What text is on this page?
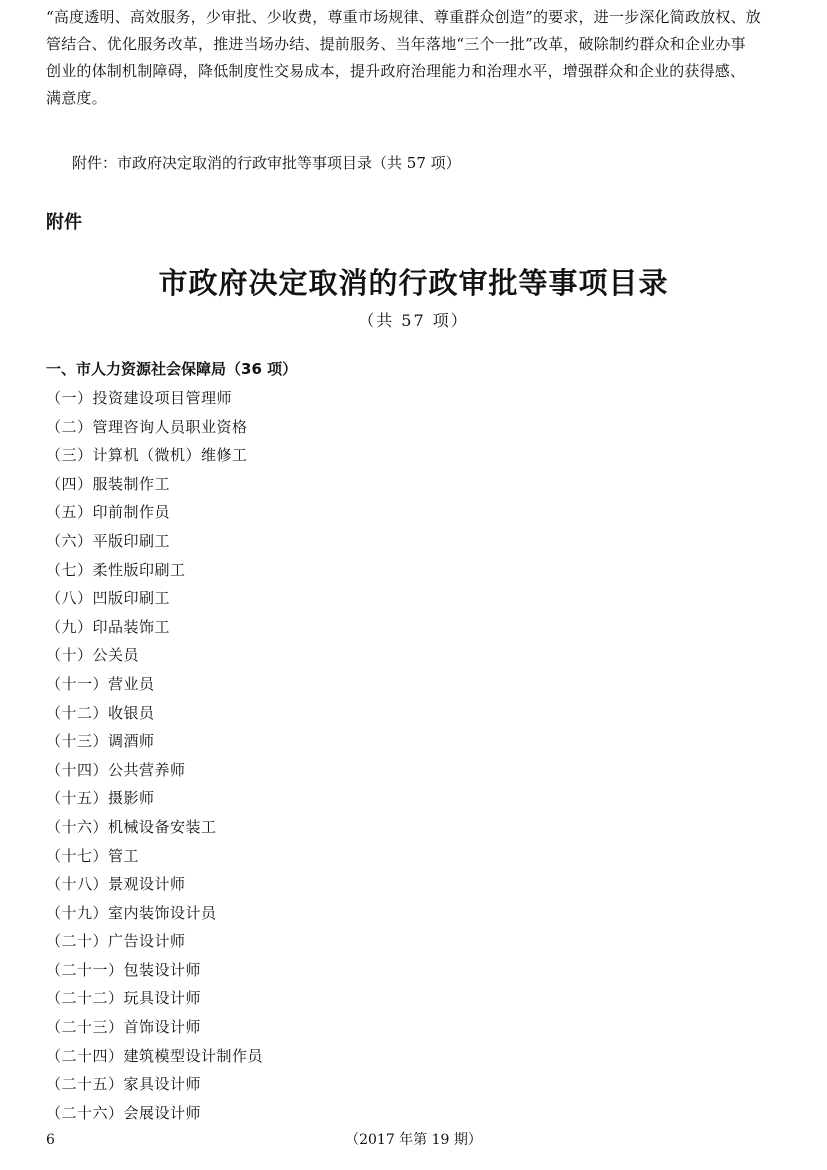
“高度透明、高效服务，少审批、少收费，尊重市场规律、尊重群众创造”的要求，进一步深化简政放权、放
管结合、优化服务改革，推进当场办结、提前服务、当年落地“三个一批”改革，破除制约群众和企业办事
创业的体制机制障碍，降低制度性交易成本，提升政府治理能力和治理水平，增强群众和企业的获得感、
满意度。
附件：市政府决定取消的行政审批等事项目录（共 57 项）
附件
市政府决定取消的行政审批等事项目录
（共 57 项）
一、市人力资源社会保障局（36 项）
（一）投资建设项目管理师
（二）管理咨询人员职业资格
（三）计算机（微机）维修工
（四）服装制作工
（五）印前制作员
（六）平版印刷工
（七）柔性版印刷工
（八）凹版印刷工
（九）印品装饰工
（十）公关员
（十一）营业员
（十二）收银员
（十三）调酒师
（十四）公共营养师
（十五）摄影师
（十六）机械设备安装工
（十七）管工
（十八）景观设计师
（十九）室内装饰设计员
（二十）广告设计师
（二十一）包装设计师
（二十二）玩具设计师
（二十三）首饰设计师
（二十四）建筑模型设计制作员
（二十五）家具设计师
（二十六）会展设计师
6	（2017 年第 19 期）
